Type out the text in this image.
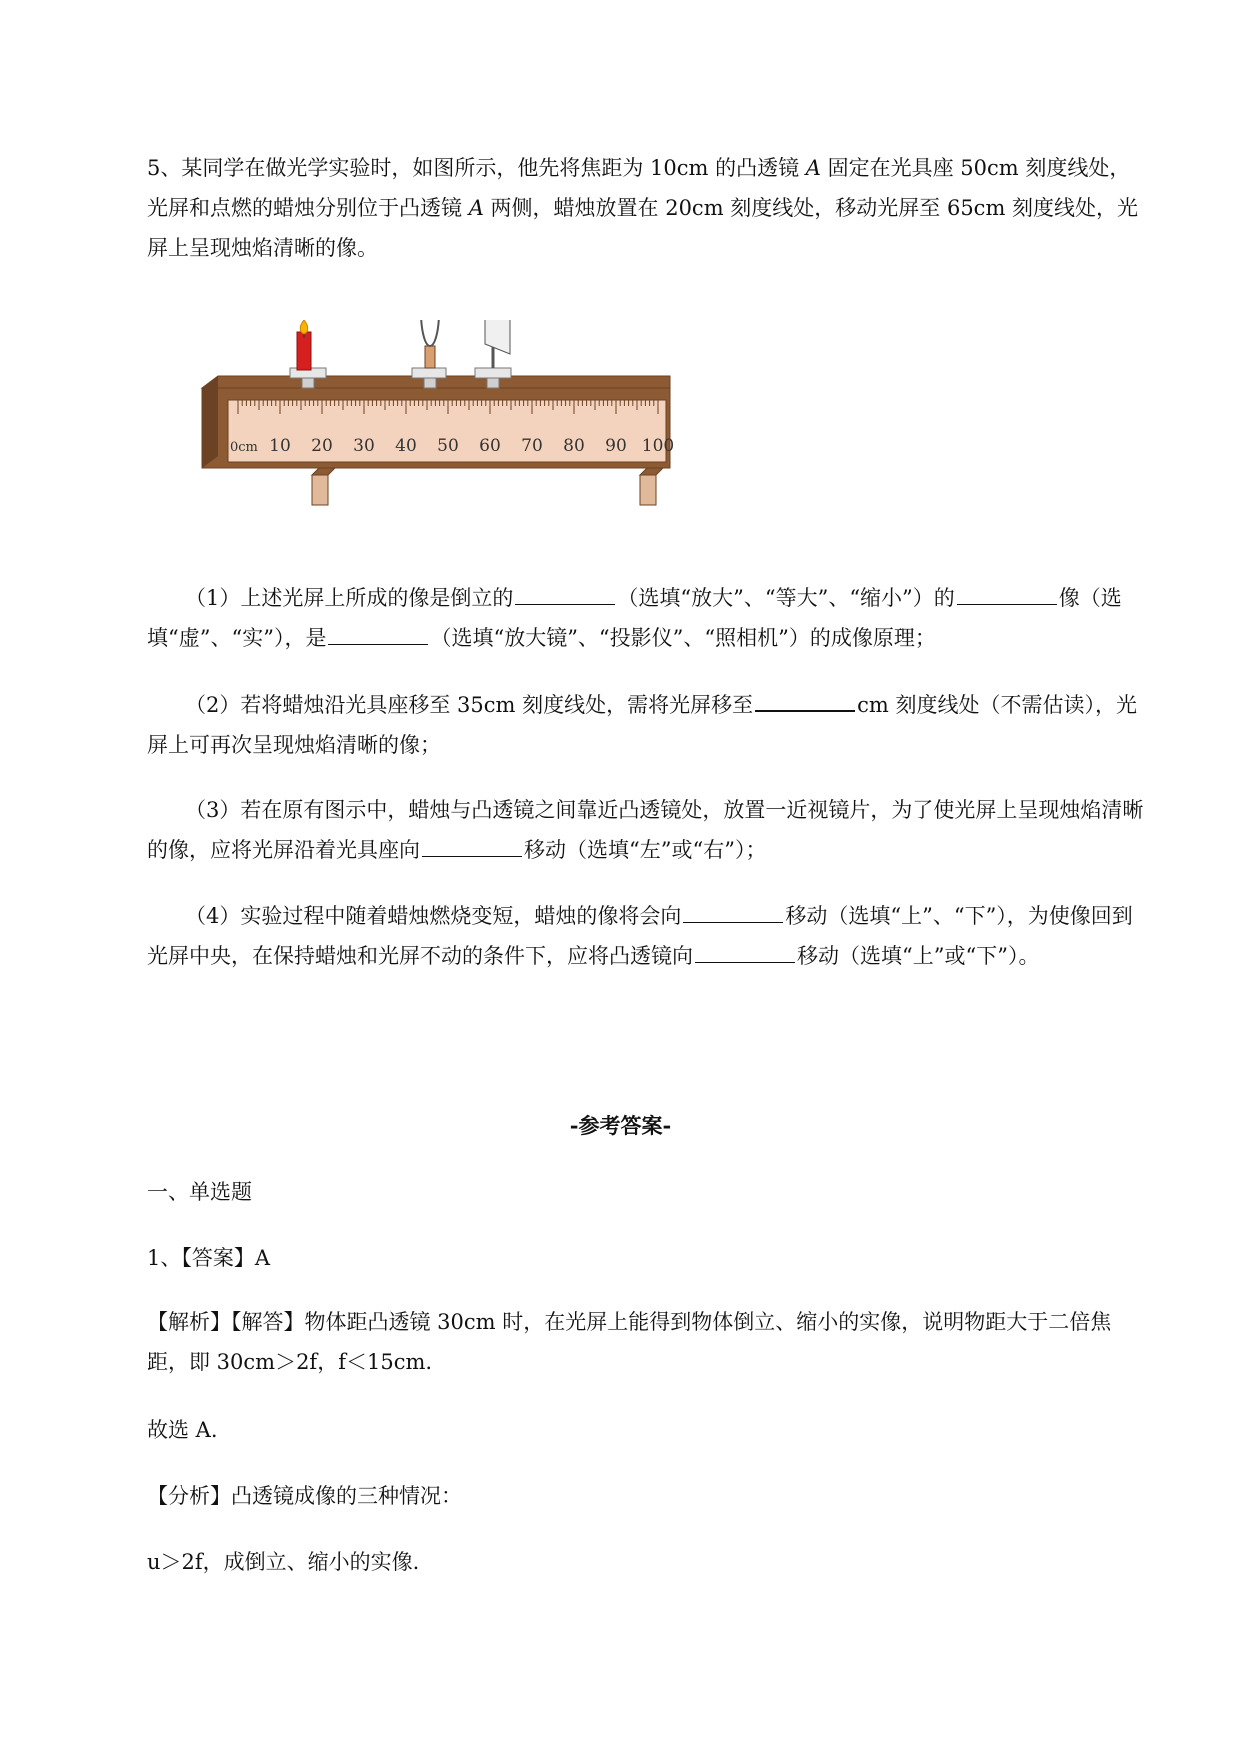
5、某同学在做光学实验时，如图所示，他先将焦距为 10cm 的凸透镜 A 固定在光具座 50cm 刻度线处，光屏和点燃的蜡烛分别位于凸透镜 A 两侧，蜡烛放置在 20cm 刻度线处，移动光屏至 65cm 刻度线处，光屏上呈现烛焰清晰的像。

10 20 30 40 50 60 70 80 90 100
0cm

（1）上述光屏上所成的像是倒立的	（选填“放大”、“等大”、“缩小”）的	像（选填“虚”、“实”），是	（选填“放大镜”、“投影仪”、“照相机”）的成像原理；

（2）若将蜡烛沿光具座移至 35cm 刻度线处，需将光屏移至	cm 刻度线处（不需估读），光屏上可再次呈现烛焰清晰的像；

（3）若在原有图示中，蜡烛与凸透镜之间靠近凸透镜处，放置一近视镜片，为了使光屏上呈现烛焰清晰的像，应将光屏沿着光具座向	移动（选填“左”或“右”）；

（4）实验过程中随着蜡烛燃烧变短，蜡烛的像将会向	移动（选填“上”、“下”），为使像回到光屏中央，在保持蜡烛和光屏不动的条件下，应将凸透镜向	移动（选填“上”或“下”）。

-参考答案-

一、单选题

1、【答案】A

【解析】【解答】物体距凸透镜 30cm 时，在光屏上能得到物体倒立、缩小的实像，说明物距大于二倍焦距，即 30cm＞2f，f＜15cm.

故选 A.

【分析】凸透镜成像的三种情况：

u＞2f，成倒立、缩小的实像.
